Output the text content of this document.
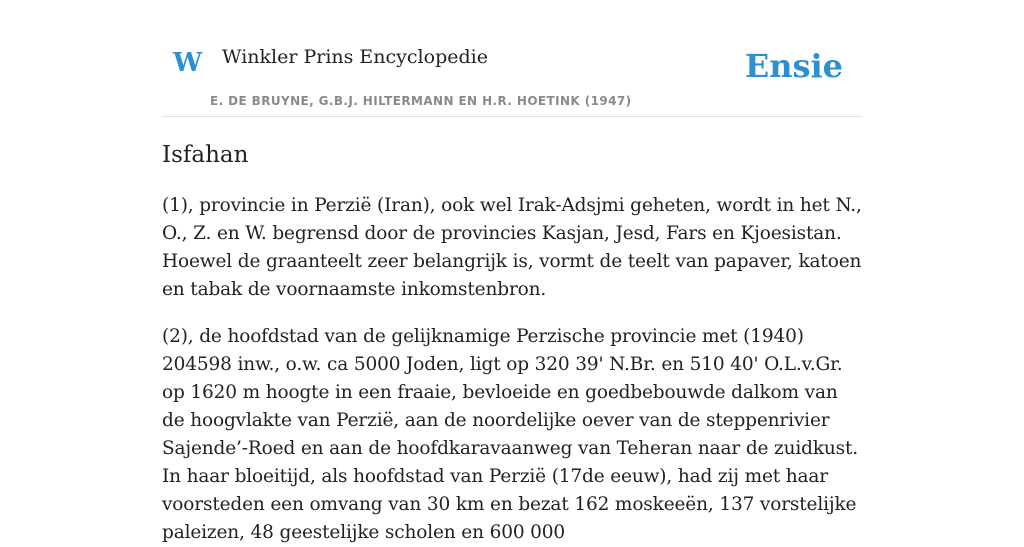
W Winkler Prins Encyclopedie
E. DE BRUYNE, G.B.J. HILTERMANN EN H.R. HOETINK (1947)
Ensie
Isfahan

(1), provincie in Perzië (Iran), ook wel Irak-Adsjmi geheten, wordt in het N., O., Z. en W. begrensd door de provincies Kasjan, Jesd, Fars en Kjoesistan. Hoewel de graanteelt zeer belangrijk is, vormt de teelt van papaver, katoen en tabak de voornaamste inkomstenbron.

(2), de hoofdstad van de gelijknamige Perzische provincie met (1940) 204598 inw., o.w. ca 5000 Joden, ligt op 320 39' N.Br. en 510 40' O.L.v.Gr. op 1620 m hoogte in een fraaie, bevloeide en goedbebouwde dalkom van de hoogvlakte van Perzië, aan de noordelijke oever van de steppenrivier Sajende’-Roed en aan de hoofdkaravaanweg van Teheran naar de zuidkust. In haar bloeitijd, als hoofdstad van Perzië (17de eeuw), had zij met haar voorsteden een omvang van 30 km en bezat 162 moskeeën, 137 vorstelijke paleizen, 48 geestelijke scholen en 600 000
